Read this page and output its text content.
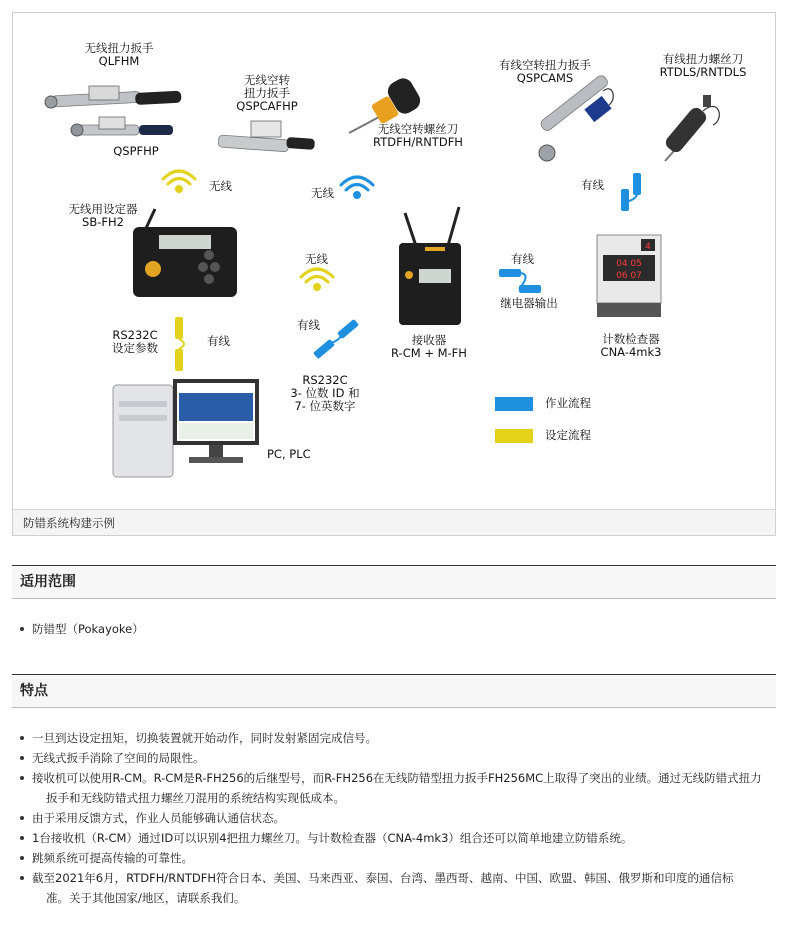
04 05
06 07
4
无线扭力扳手
QLFHM
QSPFHP
无线空转
扭力扳手
QSPCAFHP
无线空转螺丝刀
RTDFH/RNTDFH
有线空转扭力扳手
QSPCAMS
有线扭力螺丝刀
RTDLS/RNTDLS
无线	无线
无线
有线
有线
有线
有线
无线用设定器
SB-FH2
RS232C
设定参数
接收器
R-CM + M-FH
继电器输出
RS232C
3- 位数 ID 和
7- 位英数字
计数检查器
CNA-4mk3
PC, PLC
作业流程
设定流程
防错系统构建示例
适用范围
防错型（Pokayoke）
特点
一旦到达设定扭矩，切换装置就开始动作，同时发射紧固完成信号。
无线式扳手消除了空间的局限性。
接收机可以使用R-CM。R-CM是R-FH256的后继型号，而R-FH256在无线防错型扭力扳手FH256MC上取得了突出的业绩。通过无线防错式扭力
扳手和无线防错式扭力螺丝刀混用的系统结构实现低成本。
由于采用反馈方式，作业人员能够确认通信状态。
1台接收机（R-CM）通过ID可以识别4把扭力螺丝刀。与计数检查器（CNA-4mk3）组合还可以简单地建立防错系统。
跳频系统可提高传输的可靠性。
截至2021年6月，RTDFH/RNTDFH符合日本、美国、马来西亚、泰国、台湾、墨西哥、越南、中国、欧盟、韩国、俄罗斯和印度的通信标
准。关于其他国家/地区，请联系我们。
